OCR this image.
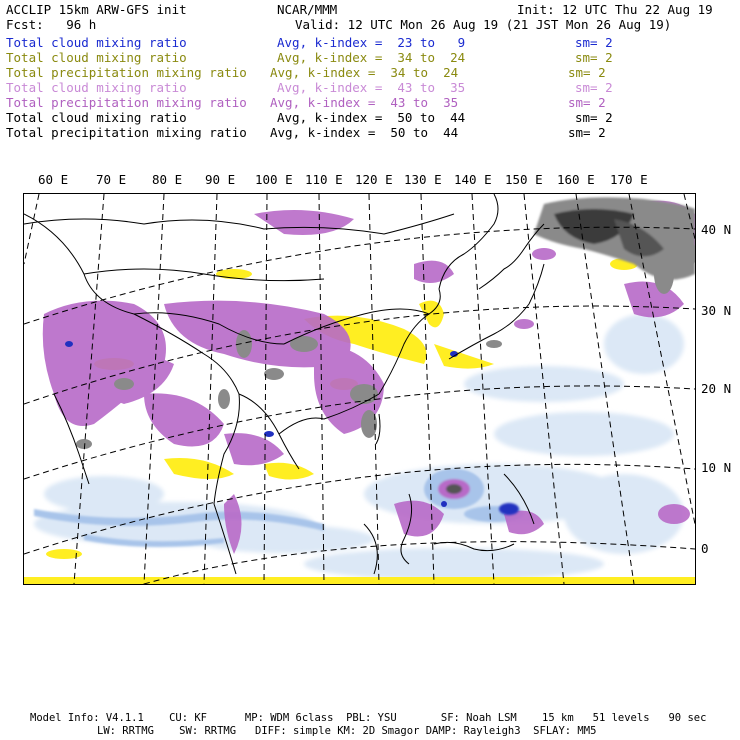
ACCLIP 15km ARW-GFS init	NCAR/MMM	Init: 12 UTC Thu 22 Aug 19
Fcst:   96 h	Valid: 12 UTC Mon 26 Aug 19 (21 JST Mon 26 Aug 19)
Total cloud mixing ratio	Avg, k-index =  23 to   9	sm= 2
Total cloud mixing ratio	Avg, k-index =  34 to  24	sm= 2
Total precipitation mixing ratio Avg, k-index =  34 to  24	sm= 2
Total cloud mixing ratio	Avg, k-index =  43 to  35	sm= 2
Total precipitation mixing ratio Avg, k-index =  43 to  35	sm= 2
Total cloud mixing ratio	Avg, k-index =  50 to  44	sm= 2
Total precipitation mixing ratio Avg, k-index =  50 to  44	sm= 2
60 E 70 E 80 E 90 E 100 E 110 E 120 E 130 E 140 E 150 E 160 E 170 E
40 N
30 N
20 N
10 N
0
Model Info: V4.1.1    CU: KF      MP: WDM 6class  PBL: YSU       SF: Noah LSM    15 km   51 levels   90 sec
LW: RRTMG    SW: RRTMG   DIFF: simple KM: 2D Smagor DAMP: Rayleigh3  SFLAY: MM5
